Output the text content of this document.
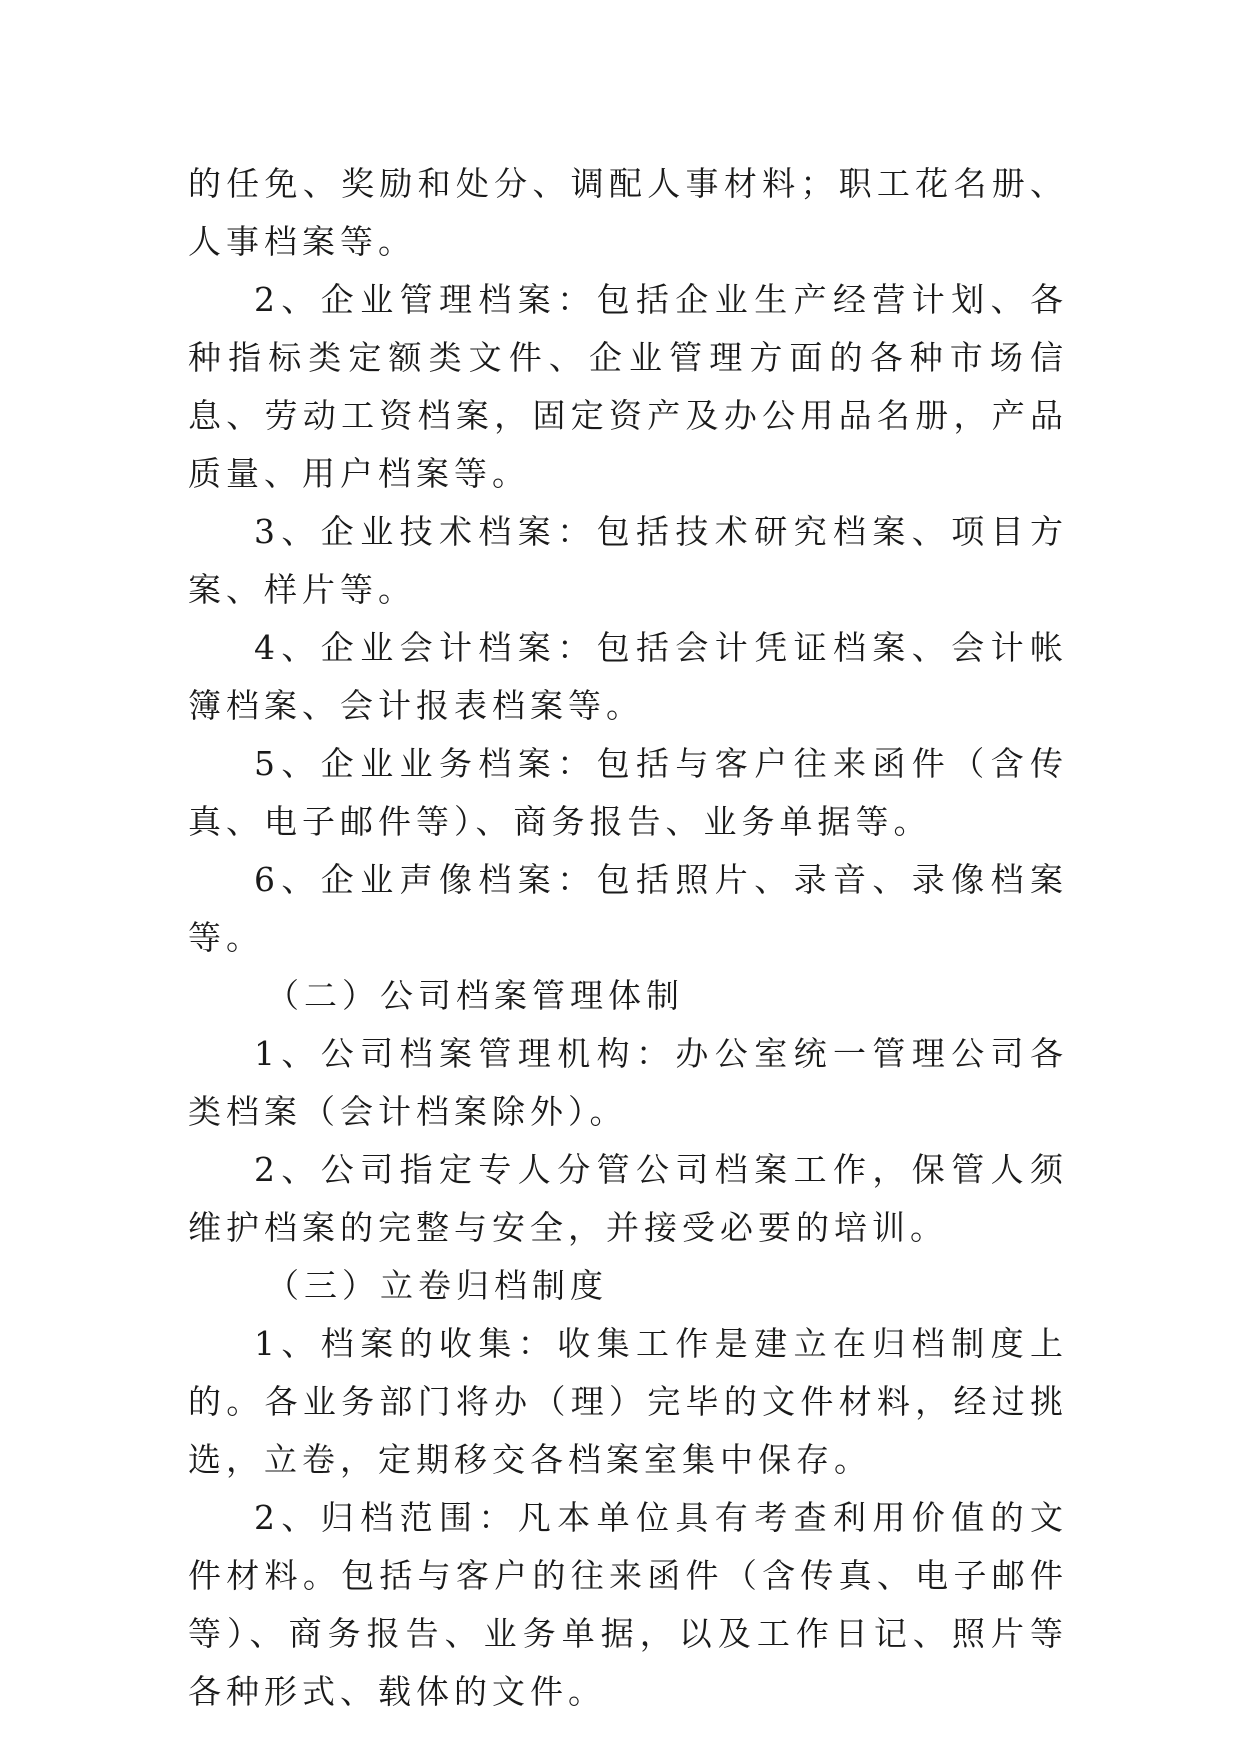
的任免、奖励和处分、调配人事材料；职工花名册、人事档案等。

2、企业管理档案：包括企业生产经营计划、各种指标类定额类文件、企业管理方面的各种市场信息、劳动工资档案，固定资产及办公用品名册，产品质量、用户档案等。

3、企业技术档案：包括技术研究档案、项目方案、样片等。

4、企业会计档案：包括会计凭证档案、会计帐簿档案、会计报表档案等。

5、企业业务档案：包括与客户往来函件（含传真、电子邮件等）、商务报告、业务单据等。

6、企业声像档案：包括照片、录音、录像档案等。

（二）公司档案管理体制

1、公司档案管理机构：办公室统一管理公司各类档案（会计档案除外）。

2、公司指定专人分管公司档案工作，保管人须维护档案的完整与安全，并接受必要的培训。

（三）立卷归档制度

1、档案的收集：收集工作是建立在归档制度上的。各业务部门将办（理）完毕的文件材料，经过挑选，立卷，定期移交各档案室集中保存。

2、归档范围：凡本单位具有考查利用价值的文件材料。包括与客户的往来函件（含传真、电子邮件等）、商务报告、业务单据，以及工作日记、照片等各种形式、载体的文件。
